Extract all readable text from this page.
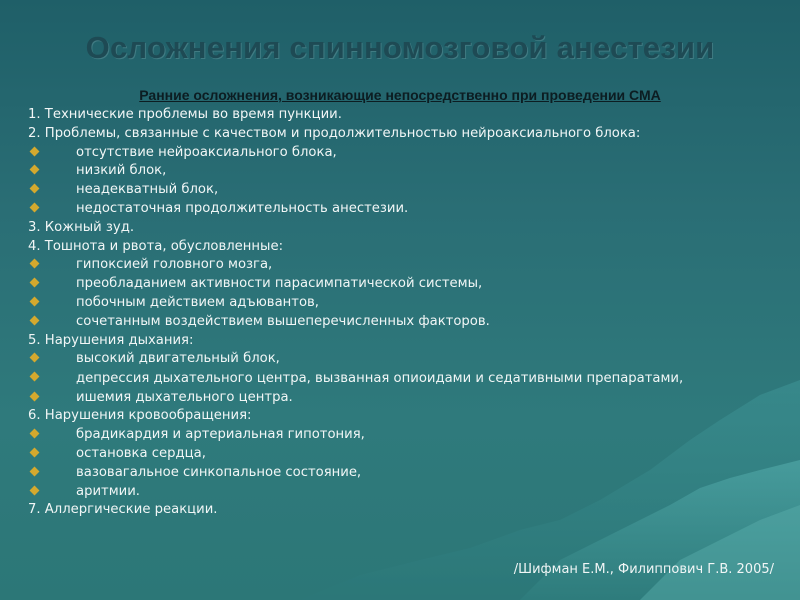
Осложнения спинномозговой анестезии
Ранние осложнения, возникающие непосредственно при проведении СМА
1. Технические проблемы во время пункции.
2. Проблемы, связанные с качеством и продолжительностью нейроаксиального блока:
отсутствие нейроаксиального блока,
низкий блок,
неадекватный блок,
недостаточная продолжительность анестезии.
3. Кожный зуд.
4. Тошнота и рвота, обусловленные:
гипоксией головного мозга,
преобладанием активности парасимпатической системы,
побочным действием адъювантов,
сочетанным воздействием вышеперечисленных факторов.
5. Нарушения дыхания:
высокий двигательный блок,
депрессия дыхательного центра, вызванная опиоидами и седативными препаратами,
ишемия дыхательного центра.
6. Нарушения кровообращения:
брадикардия и артериальная гипотония,
остановка сердца,
вазовагальное синкопальное состояние,
аритмии.
7. Аллергические реакции.
/Шифман Е.М., Филиппович Г.В. 2005/
